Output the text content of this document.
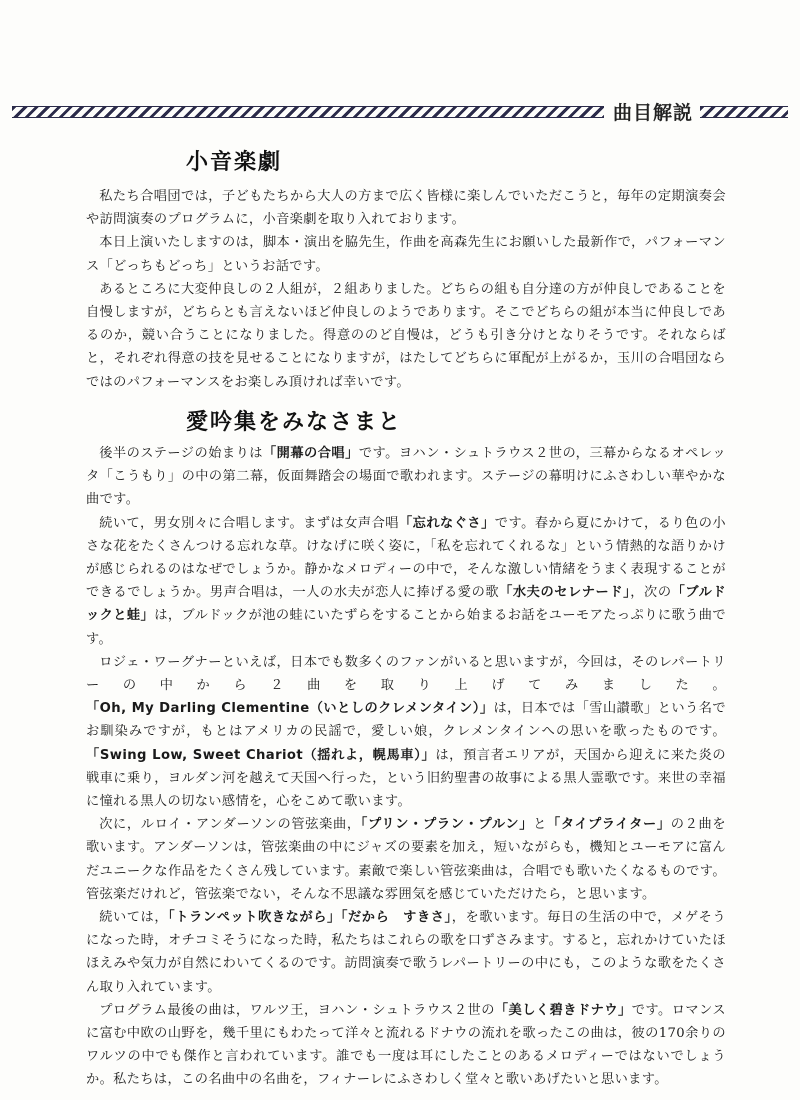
曲目解説
小音楽劇

私たち合唱団では，子どもたちから大人の方まで広く皆様に楽しんでいただこうと，毎年の定期演奏会や訪問演奏のプログラムに，小音楽劇を取り入れております。

本日上演いたしますのは，脚本・演出を脇先生，作曲を高森先生にお願いした最新作で，パフォーマンス「どっちもどっち」というお話です。

あるところに大変仲良しの２人組が，２組ありました。どちらの組も自分達の方が仲良しであることを自慢しますが，どちらとも言えないほど仲良しのようであります。そこでどちらの組が本当に仲良しであるのか，競い合うことになりました。得意ののど自慢は，どうも引き分けとなりそうです。それならばと，それぞれ得意の技を見せることになりますが，はたしてどちらに軍配が上がるか，玉川の合唱団ならではのパフォーマンスをお楽しみ頂ければ幸いです。

愛吟集をみなさまと

後半のステージの始まりは「開幕の合唱」です。ヨハン・シュトラウス２世の，三幕からなるオペレッタ「こうもり」の中の第二幕，仮面舞踏会の場面で歌われます。ステージの幕明けにふさわしい華やかな曲です。

続いて，男女別々に合唱します。まずは女声合唱「忘れなぐさ」です。春から夏にかけて，るり色の小さな花をたくさんつける忘れな草。けなげに咲く姿に，「私を忘れてくれるな」という情熱的な語りかけが感じられるのはなぜでしょうか。静かなメロディーの中で，そんな激しい情緒をうまく表現することができるでしょうか。男声合唱は，一人の水夫が恋人に捧げる愛の歌「水夫のセレナード」，次の「ブルドックと蛙」は，ブルドックが池の蛙にいたずらをすることから始まるお話をユーモアたっぷりに歌う曲です。

ロジェ・ワーグナーといえば，日本でも数多くのファンがいると思いますが，今回は，そのレパートリーの中から２曲を取り上げてみました。「Oh, My Darling Clementine（いとしのクレメンタイン）」は，日本では「雪山讃歌」という名でお馴染みですが，もとはアメリカの民謡で，愛しい娘，クレメンタインへの思いを歌ったものです。「Swing Low, Sweet Chariot（揺れよ，幌馬車）」は，預言者エリアが，天国から迎えに来た炎の戦車に乗り，ヨルダン河を越えて天国へ行った，という旧約聖書の故事による黒人霊歌です。来世の幸福に憧れる黒人の切ない感情を，心をこめて歌います。

次に，ルロイ・アンダーソンの管弦楽曲，「プリン・プラン・プルン」と「タイプライター」の２曲を歌います。アンダーソンは，管弦楽曲の中にジャズの要素を加え，短いながらも，機知とユーモアに富んだユニークな作品をたくさん残しています。素敵で楽しい管弦楽曲は，合唱でも歌いたくなるものです。管弦楽だけれど，管弦楽でない，そんな不思議な雰囲気を感じていただけたら，と思います。

続いては，「トランペット吹きながら」「だから　すきさ」，を歌います。毎日の生活の中で，メゲそうになった時，オチコミそうになった時，私たちはこれらの歌を口ずさみます。すると，忘れかけていたほほえみや気力が自然にわいてくるのです。訪問演奏で歌うレパートリーの中にも，このような歌をたくさん取り入れています。

プログラム最後の曲は，ワルツ王，ヨハン・シュトラウス２世の「美しく碧きドナウ」です。ロマンスに富む中欧の山野を，幾千里にもわたって洋々と流れるドナウの流れを歌ったこの曲は，彼の170余りのワルツの中でも傑作と言われています。誰でも一度は耳にしたことのあるメロディーではないでしょうか。私たちは，この名曲中の名曲を，フィナーレにふさわしく堂々と歌いあげたいと思います。
